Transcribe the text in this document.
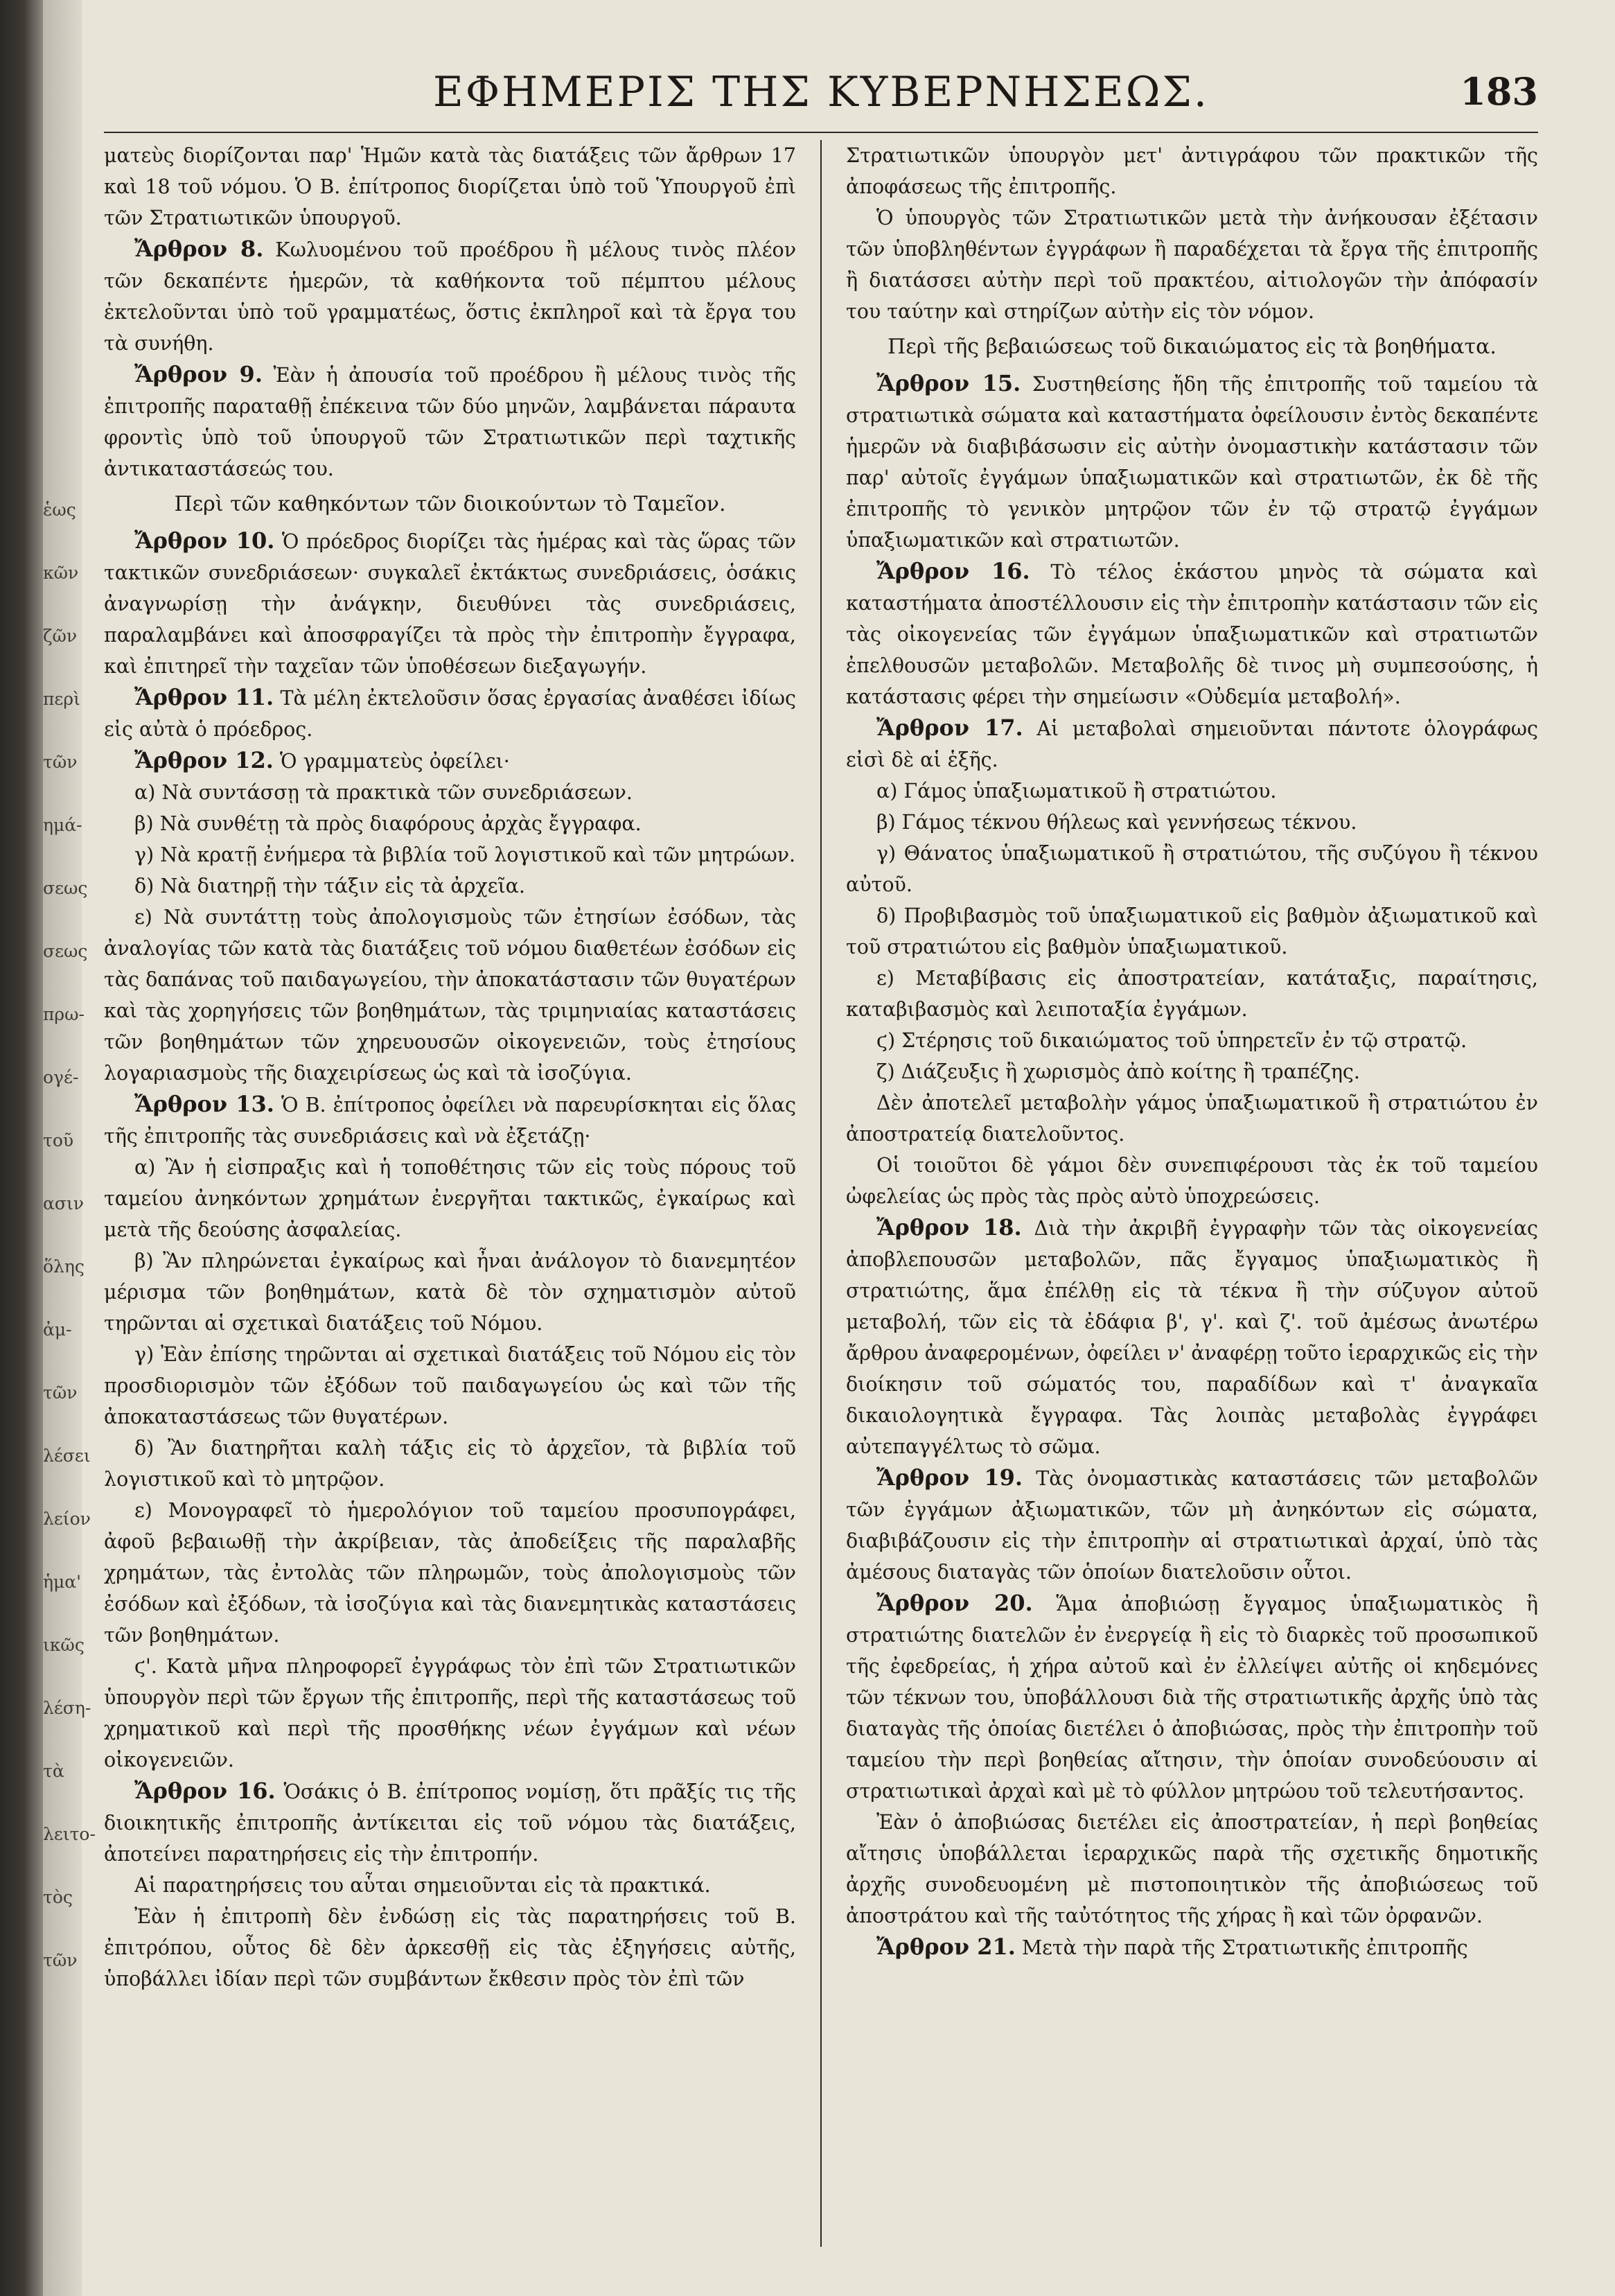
ἑως
κῶν
ζῶν
περὶ
τῶν
ημά-
σεως
σεως
πρω-
ογέ-
τοῦ
ασιν
ὅλης
ἀμ-
τῶν
λέσει
λείον
ἡμα'
ικῶς
λέση-
τὰ
λειτο-
τὸς
τῶν
ΕΦΗΜΕΡΙΣ ΤΗΣ ΚΥΒΕΡΝΗΣΕΩΣ.	183

ματεὺς διορίζονται παρ' Ἡμῶν κατὰ τὰς διατάξεις τῶν ἄρθρων 17 καὶ 18 τοῦ νόμου. Ὁ Β. ἐπίτροπος διορίζεται ὑπὸ τοῦ Ὑπουργοῦ ἐπὶ τῶν Στρατιωτικῶν ὑπουργοῦ.

Ἄρθρον 8. Κωλυομένου τοῦ προέδρου ἢ μέλους τινὸς πλέον τῶν δεκαπέντε ἡμερῶν, τὰ καθήκοντα τοῦ πέμπτου μέλους ἐκτελοῦνται ὑπὸ τοῦ γραμματέως, ὅστις ἐκπληροῖ καὶ τὰ ἔργα του τὰ συνήθη.

Ἄρθρον 9. Ἐὰν ἡ ἀπουσία τοῦ προέδρου ἢ μέλους τινὸς τῆς ἐπιτροπῆς παραταθῇ ἐπέκεινα τῶν δύο μηνῶν, λαμβάνεται πάραυτα φροντὶς ὑπὸ τοῦ ὑπουργοῦ τῶν Στρατιωτικῶν περὶ ταχτικῆς ἀντικαταστάσεώς του.

Περὶ τῶν καθηκόντων τῶν διοικούντων τὸ Ταμεῖον.

Ἄρθρον 10. Ὁ πρόεδρος διορίζει τὰς ἡμέρας καὶ τὰς ὥρας τῶν τακτικῶν συνεδριάσεων· συγκαλεῖ ἐκτάκτως συνεδριάσεις, ὁσάκις ἀναγνωρίσῃ τὴν ἀνάγκην, διευθύνει τὰς συνεδριάσεις, παραλαμβάνει καὶ ἀποσφραγίζει τὰ πρὸς τὴν ἐπιτροπὴν ἔγγραφα, καὶ ἐπιτηρεῖ τὴν ταχεῖαν τῶν ὑποθέσεων διεξαγωγήν.

Ἄρθρον 11. Τὰ μέλη ἐκτελοῦσιν ὅσας ἐργασίας ἀναθέσει ἰδίως εἰς αὐτὰ ὁ πρόεδρος.

Ἄρθρον 12. Ὁ γραμματεὺς ὀφείλει·

α) Νὰ συντάσσῃ τὰ πρακτικὰ τῶν συνεδριάσεων.

β) Νὰ συνθέτῃ τὰ πρὸς διαφόρους ἀρχὰς ἔγγραφα.

γ) Νὰ κρατῇ ἐνήμερα τὰ βιβλία τοῦ λογιστικοῦ καὶ τῶν μητρώων.

δ) Νὰ διατηρῇ τὴν τάξιν εἰς τὰ ἀρχεῖα.

ε) Νὰ συντάττῃ τοὺς ἀπολογισμοὺς τῶν ἐτησίων ἐσόδων, τὰς ἀναλογίας τῶν κατὰ τὰς διατάξεις τοῦ νόμου διαθετέων ἐσόδων εἰς τὰς δαπάνας τοῦ παιδαγωγείου, τὴν ἀποκατάστασιν τῶν θυγατέρων καὶ τὰς χορηγήσεις τῶν βοηθημάτων, τὰς τριμηνιαίας καταστάσεις τῶν βοηθημάτων τῶν χηρευουσῶν οἰκογενειῶν, τοὺς ἐτησίους λογαριασμοὺς τῆς διαχειρίσεως ὡς καὶ τὰ ἰσοζύγια.

Ἄρθρον 13. Ὁ Β. ἐπίτροπος ὀφείλει νὰ παρευρίσκηται εἰς ὅλας τῆς ἐπιτροπῆς τὰς συνεδριάσεις καὶ νὰ ἐξετάζῃ·

α) Ἂν ἡ εἰσπραξις καὶ ἡ τοποθέτησις τῶν εἰς τοὺς πόρους τοῦ ταμείου ἀνηκόντων χρημάτων ἐνεργῆται τακτικῶς, ἐγκαίρως καὶ μετὰ τῆς δεούσης ἀσφαλείας.

β) Ἂν πληρώνεται ἐγκαίρως καὶ ἦναι ἀνάλογον τὸ διανεμητέον μέρισμα τῶν βοηθημάτων, κατὰ δὲ τὸν σχηματισμὸν αὐτοῦ τηρῶνται αἱ σχετικαὶ διατάξεις τοῦ Νόμου.

γ) Ἐὰν ἐπίσης τηρῶνται αἱ σχετικαὶ διατάξεις τοῦ Νόμου εἰς τὸν προσδιορισμὸν τῶν ἐξόδων τοῦ παιδαγωγείου ὡς καὶ τῶν τῆς ἀποκαταστάσεως τῶν θυγατέρων.

δ) Ἂν διατηρῆται καλὴ τάξις εἰς τὸ ἀρχεῖον, τὰ βιβλία τοῦ λογιστικοῦ καὶ τὸ μητρῷον.

ε) Μονογραφεῖ τὸ ἡμερολόγιον τοῦ ταμείου προσυπογράφει, ἀφοῦ βεβαιωθῇ τὴν ἀκρίβειαν, τὰς ἀποδείξεις τῆς παραλαβῆς χρημάτων, τὰς ἐντολὰς τῶν πληρωμῶν, τοὺς ἀπολογισμοὺς τῶν ἐσόδων καὶ ἐξόδων, τὰ ἰσοζύγια καὶ τὰς διανεμητικὰς καταστάσεις τῶν βοηθημάτων.

ϛ'. Κατὰ μῆνα πληροφορεῖ ἐγγράφως τὸν ἐπὶ τῶν Στρατιωτικῶν ὑπουργὸν περὶ τῶν ἔργων τῆς ἐπιτροπῆς, περὶ τῆς καταστάσεως τοῦ χρηματικοῦ καὶ περὶ τῆς προσθήκης νέων ἐγγάμων καὶ νέων οἰκογενειῶν.

Ἄρθρον 16. Ὁσάκις ὁ Β. ἐπίτροπος νομίσῃ, ὅτι πρᾶξίς τις τῆς διοικητικῆς ἐπιτροπῆς ἀντίκειται εἰς τοῦ νόμου τὰς διατάξεις, ἀποτείνει παρατηρήσεις εἰς τὴν ἐπιτροπήν.

Αἱ παρατηρήσεις του αὗται σημειοῦνται εἰς τὰ πρακτικά.

Ἐὰν ἡ ἐπιτροπὴ δὲν ἐνδώσῃ εἰς τὰς παρατηρήσεις τοῦ Β. ἐπιτρόπου, οὗτος δὲ δὲν ἀρκεσθῇ εἰς τὰς ἐξηγήσεις αὐτῆς, ὑποβάλλει ἰδίαν περὶ τῶν συμβάντων ἔκθεσιν πρὸς τὸν ἐπὶ τῶν

Στρατιωτικῶν ὑπουργὸν μετ' ἀντιγράφου τῶν πρακτικῶν τῆς ἀποφάσεως τῆς ἐπιτροπῆς.

Ὁ ὑπουργὸς τῶν Στρατιωτικῶν μετὰ τὴν ἀνήκουσαν ἐξέτασιν τῶν ὑποβληθέντων ἐγγράφων ἢ παραδέχεται τὰ ἔργα τῆς ἐπιτροπῆς ἢ διατάσσει αὐτὴν περὶ τοῦ πρακτέου, αἰτιολογῶν τὴν ἀπόφασίν του ταύτην καὶ στηρίζων αὐτὴν εἰς τὸν νόμον.

Περὶ τῆς βεβαιώσεως τοῦ δικαιώματος εἰς τὰ βοηθήματα.

Ἄρθρον 15. Συστηθείσης ἤδη τῆς ἐπιτροπῆς τοῦ ταμείου τὰ στρατιωτικὰ σώματα καὶ καταστήματα ὀφείλουσιν ἐντὸς δεκαπέντε ἡμερῶν νὰ διαβιβάσωσιν εἰς αὐτὴν ὀνομαστικὴν κατάστασιν τῶν παρ' αὐτοῖς ἐγγάμων ὑπαξιωματικῶν καὶ στρατιωτῶν, ἐκ δὲ τῆς ἐπιτροπῆς τὸ γενικὸν μητρῷον τῶν ἐν τῷ στρατῷ ἐγγάμων ὑπαξιωματικῶν καὶ στρατιωτῶν.

Ἄρθρον 16. Τὸ τέλος ἑκάστου μηνὸς τὰ σώματα καὶ καταστήματα ἀποστέλλουσιν εἰς τὴν ἐπιτροπὴν κατάστασιν τῶν εἰς τὰς οἰκογενείας τῶν ἐγγάμων ὑπαξιωματικῶν καὶ στρατιωτῶν ἐπελθουσῶν μεταβολῶν. Μεταβολῆς δὲ τινος μὴ συμπεσούσης, ἡ κατάστασις φέρει τὴν σημείωσιν «Οὐδεμία μεταβολή».

Ἄρθρον 17. Αἱ μεταβολαὶ σημειοῦνται πάντοτε ὁλογράφως εἰσὶ δὲ αἱ ἑξῆς.

α) Γάμος ὑπαξιωματικοῦ ἢ στρατιώτου.

β) Γάμος τέκνου θήλεως καὶ γεννήσεως τέκνου.

γ) Θάνατος ὑπαξιωματικοῦ ἢ στρατιώτου, τῆς συζύγου ἢ τέκνου αὐτοῦ.

δ) Προβιβασμὸς τοῦ ὑπαξιωματικοῦ εἰς βαθμὸν ἀξιωματικοῦ καὶ τοῦ στρατιώτου εἰς βαθμὸν ὑπαξιωματικοῦ.

ε) Μεταβίβασις εἰς ἀποστρατείαν, κατάταξις, παραίτησις, καταβιβασμὸς καὶ λειποταξία ἐγγάμων.

ϛ) Στέρησις τοῦ δικαιώματος τοῦ ὑπηρετεῖν ἐν τῷ στρατῷ.

ζ) Διάζευξις ἢ χωρισμὸς ἀπὸ κοίτης ἢ τραπέζης.

Δὲν ἀποτελεῖ μεταβολὴν γάμος ὑπαξιωματικοῦ ἢ στρατιώτου ἐν ἀποστρατείᾳ διατελοῦντος.

Οἱ τοιοῦτοι δὲ γάμοι δὲν συνεπιφέρουσι τὰς ἐκ τοῦ ταμείου ὠφελείας ὡς πρὸς τὰς πρὸς αὐτὸ ὑποχρεώσεις.

Ἄρθρον 18. Διὰ τὴν ἀκριβῆ ἐγγραφὴν τῶν τὰς οἰκογενείας ἀποβλεπουσῶν μεταβολῶν, πᾶς ἔγγαμος ὑπαξιωματικὸς ἢ στρατιώτης, ἅμα ἐπέλθῃ εἰς τὰ τέκνα ἢ τὴν σύζυγον αὐτοῦ μεταβολή, τῶν εἰς τὰ ἐδάφια β', γ'. καὶ ζ'. τοῦ ἀμέσως ἀνωτέρω ἄρθρου ἀναφερομένων, ὀφείλει ν' ἀναφέρῃ τοῦτο ἱεραρχικῶς εἰς τὴν διοίκησιν τοῦ σώματός του, παραδίδων καὶ τ' ἀναγκαῖα δικαιολογητικὰ ἔγγραφα. Τὰς λοιπὰς μεταβολὰς ἐγγράφει αὐτεπαγγέλτως τὸ σῶμα.

Ἄρθρον 19. Τὰς ὀνομαστικὰς καταστάσεις τῶν μεταβολῶν τῶν ἐγγάμων ἀξιωματικῶν, τῶν μὴ ἀνηκόντων εἰς σώματα, διαβιβάζουσιν εἰς τὴν ἐπιτροπὴν αἱ στρατιωτικαὶ ἀρχαί, ὑπὸ τὰς ἀμέσους διαταγὰς τῶν ὁποίων διατελοῦσιν οὗτοι.

Ἄρθρον 20. Ἅμα ἀποβιώσῃ ἔγγαμος ὑπαξιωματικὸς ἢ στρατιώτης διατελῶν ἐν ἐνεργείᾳ ἢ εἰς τὸ διαρκὲς τοῦ προσωπικοῦ τῆς ἐφεδρείας, ἡ χήρα αὐτοῦ καὶ ἐν ἐλλείψει αὐτῆς οἱ κηδεμόνες τῶν τέκνων του, ὑποβάλλουσι διὰ τῆς στρατιωτικῆς ἀρχῆς ὑπὸ τὰς διαταγὰς τῆς ὁποίας διετέλει ὁ ἀποβιώσας, πρὸς τὴν ἐπιτροπὴν τοῦ ταμείου τὴν περὶ βοηθείας αἴτησιν, τὴν ὁποίαν συνοδεύουσιν αἱ στρατιωτικαὶ ἀρχαὶ καὶ μὲ τὸ φύλλον μητρώου τοῦ τελευτήσαντος.

Ἐὰν ὁ ἀποβιώσας διετέλει εἰς ἀποστρατείαν, ἡ περὶ βοηθείας αἴτησις ὑποβάλλεται ἱεραρχικῶς παρὰ τῆς σχετικῆς δημοτικῆς ἀρχῆς συνοδευομένη μὲ πιστοποιητικὸν τῆς ἀποβιώσεως τοῦ ἀποστράτου καὶ τῆς ταὐτότητος τῆς χήρας ἢ καὶ τῶν ὀρφανῶν.

Ἄρθρον 21. Μετὰ τὴν παρὰ τῆς Στρατιωτικῆς ἐπιτροπῆς
